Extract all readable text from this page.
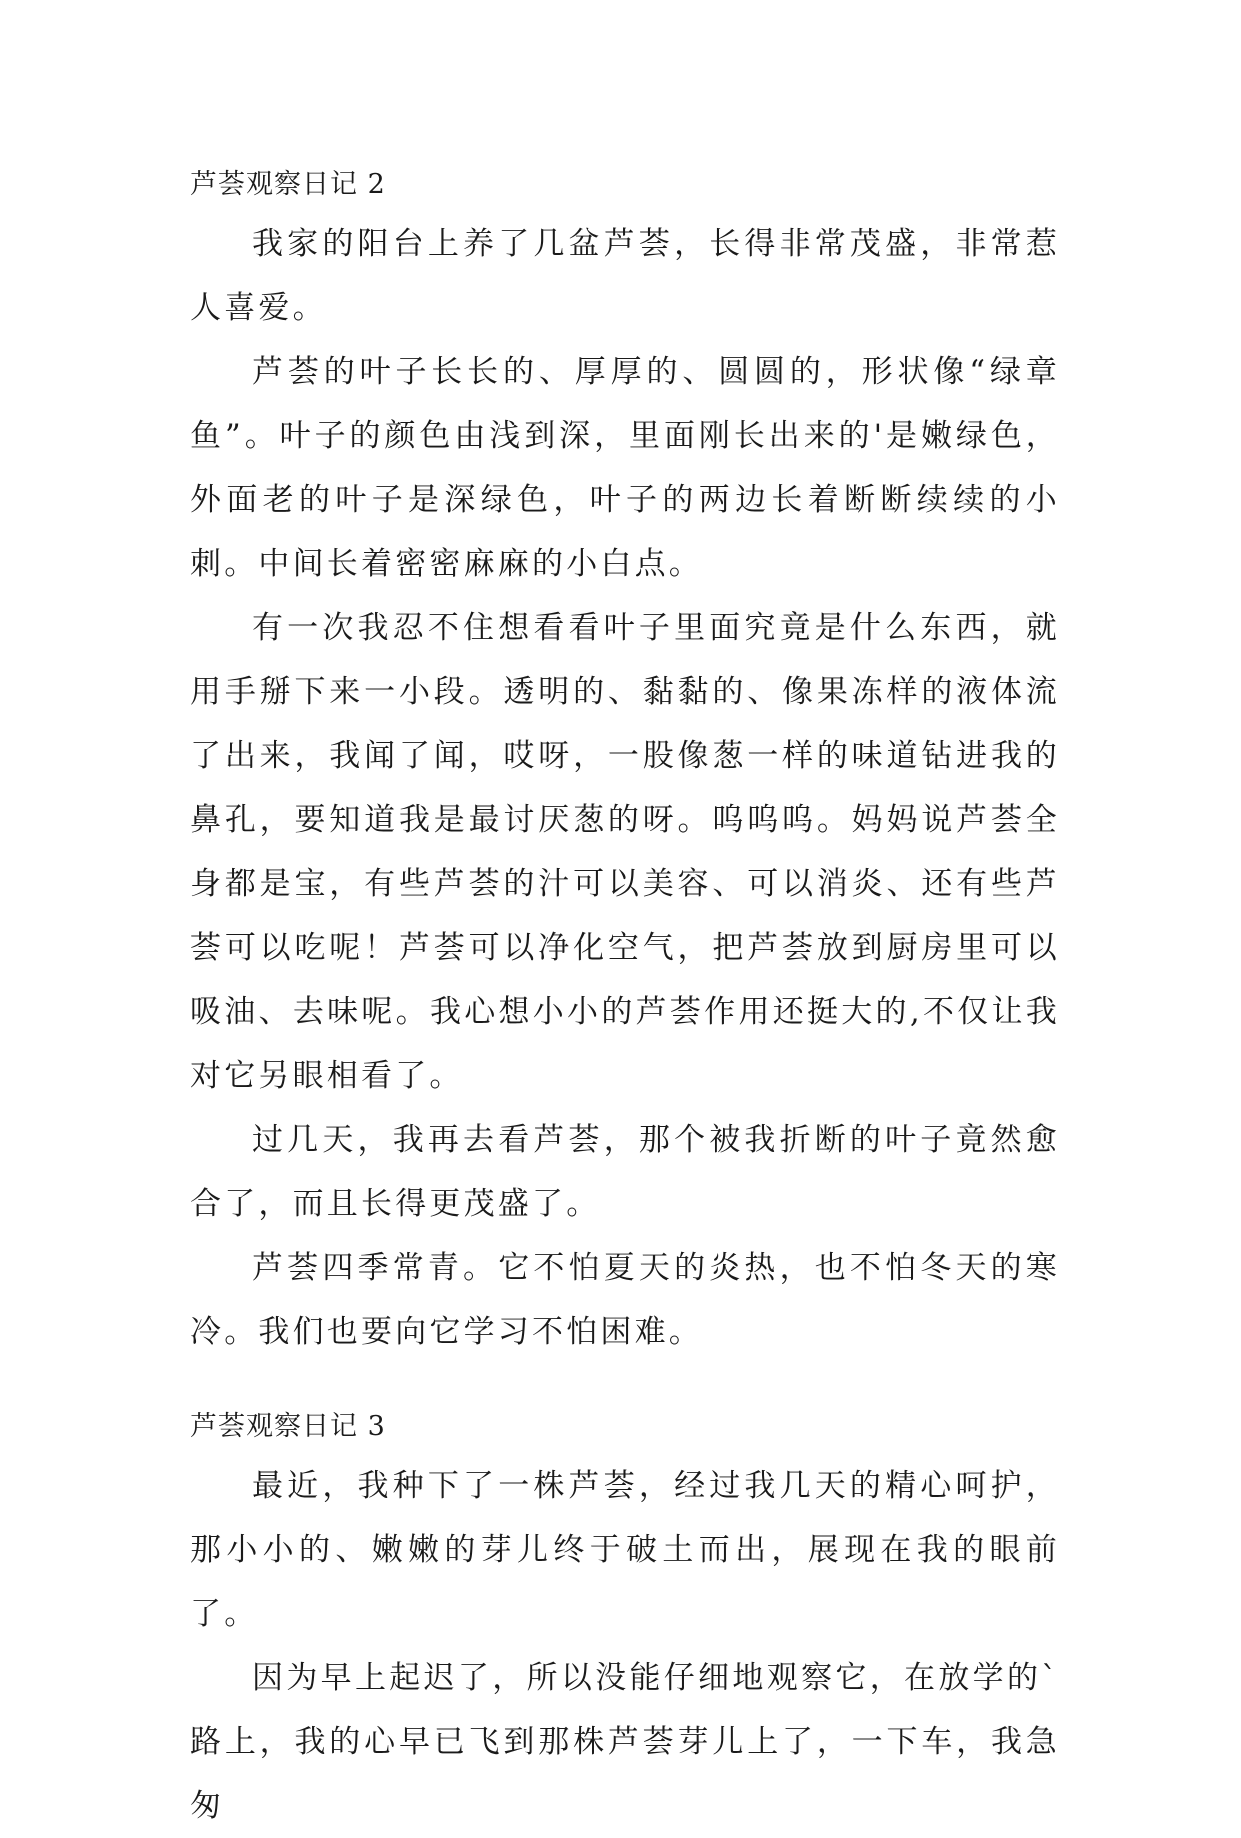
芦荟观察日记 2

我家的阳台上养了几盆芦荟，长得非常茂盛，非常惹人喜爱。

芦荟的叶子长长的、厚厚的、圆圆的，形状像“绿章鱼”。叶子的颜色由浅到深，里面刚长出来的'是嫩绿色，外面老的叶子是深绿色，叶子的两边长着断断续续的小刺。中间长着密密麻麻的小白点。

有一次我忍不住想看看叶子里面究竟是什么东西，就用手掰下来一小段。透明的、黏黏的、像果冻样的液体流了出来，我闻了闻，哎呀，一股像葱一样的味道钻进我的鼻孔，要知道我是最讨厌葱的呀。呜呜呜。妈妈说芦荟全身都是宝，有些芦荟的汁可以美容、可以消炎、还有些芦荟可以吃呢！芦荟可以净化空气，把芦荟放到厨房里可以吸油、去味呢。我心想小小的芦荟作用还挺大的,不仅让我对它另眼相看了。

过几天，我再去看芦荟，那个被我折断的叶子竟然愈合了，而且长得更茂盛了。

芦荟四季常青。它不怕夏天的炎热，也不怕冬天的寒冷。我们也要向它学习不怕困难。

芦荟观察日记 3

最近，我种下了一株芦荟，经过我几天的精心呵护，那小小的、嫩嫩的芽儿终于破土而出，展现在我的眼前了。

因为早上起迟了，所以没能仔细地观察它，在放学的`路上，我的心早已飞到那株芦荟芽儿上了，一下车，我急匆
